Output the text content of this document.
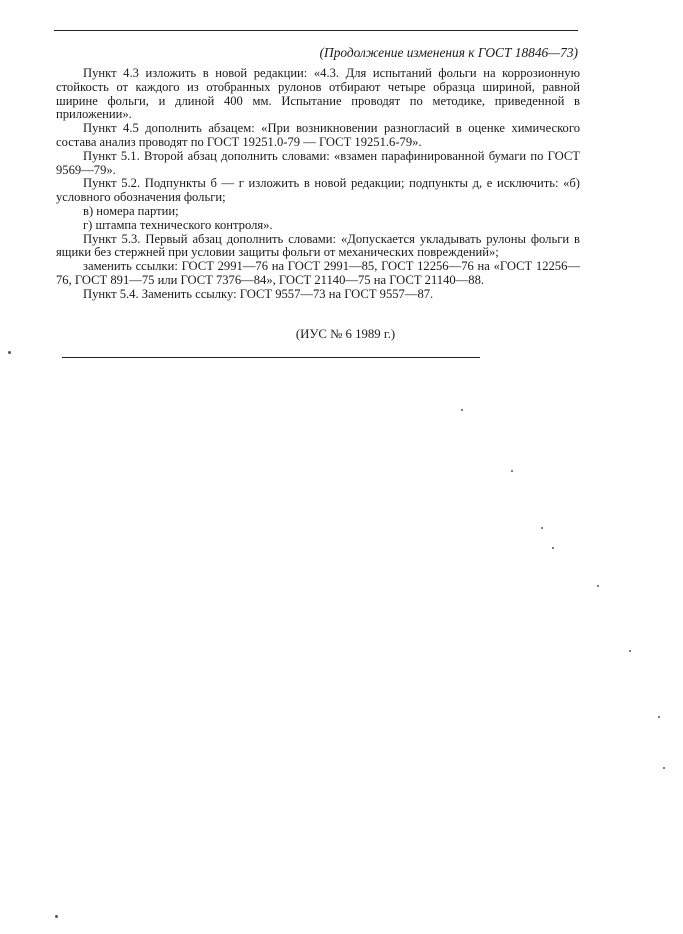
(Продолжение изменения к ГОСТ 18846—73)

Пункт 4.3 изложить в новой редакции: «4.3. Для испытаний фольги на коррозионную стойкость от каждого из отобранных рулонов отбирают четыре образца шириной, равной ширине фольги, и длиной 400 мм. Испытание проводят по методике, приведенной в приложении».

Пункт 4.5 дополнить абзацем: «При возникновении разногласий в оценке химического состава анализ проводят по ГОСТ 19251.0-79 — ГОСТ 19251.6-79».

Пункт 5.1. Второй абзац дополнить словами: «взамен парафинированной бумаги по ГОСТ 9569—79».

Пункт 5.2. Подпункты б — г изложить в новой редакции; подпункты д, е исключить: «б) условного обозначения фольги;

в) номера партии;

г) штампа технического контроля».

Пункт 5.3. Первый абзац дополнить словами: «Допускается укладывать рулоны фольги в ящики без стержней при условии защиты фольги от механических повреждений»;

заменить ссылки: ГОСТ 2991—76 на ГОСТ 2991—85, ГОСТ 12256—76 на «ГОСТ 12256—76, ГОСТ 891—75 или ГОСТ 7376—84», ГОСТ 21140—75 на ГОСТ 21140—88.

Пункт 5.4. Заменить ссылку: ГОСТ 9557—73 на ГОСТ 9557—87.

(ИУС № 6 1989 г.)
